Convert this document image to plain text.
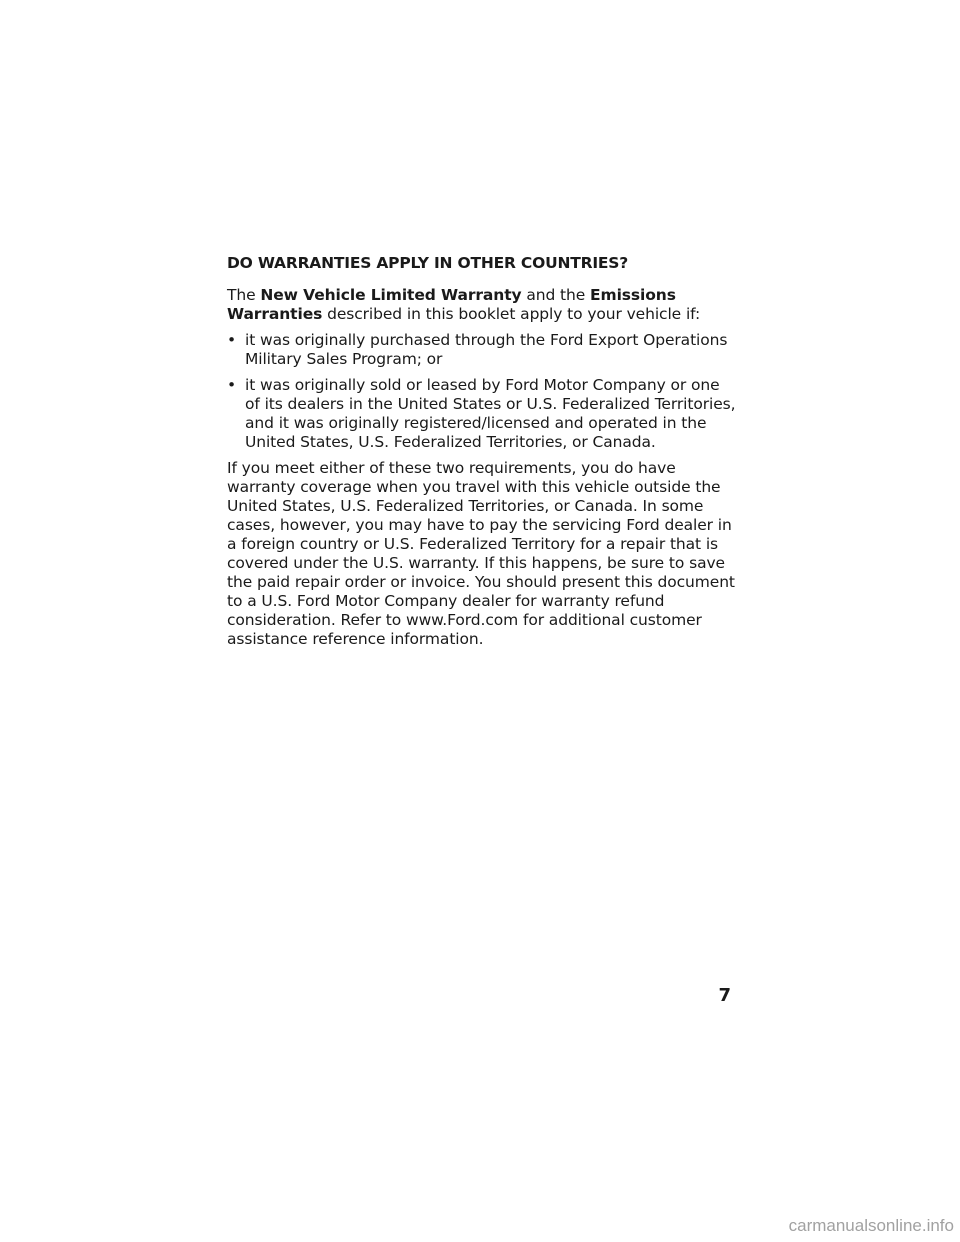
DO WARRANTIES APPLY IN OTHER COUNTRIES?

The New Vehicle Limited Warranty and the Emissions Warranties described in this booklet apply to your vehicle if:

• it was originally purchased through the Ford Export Operations Military Sales Program; or
• it was originally sold or leased by Ford Motor Company or one of its dealers in the United States or U.S. Federalized Territories, and it was originally registered/licensed and operated in the United States, U.S. Federalized Territories, or Canada.

If you meet either of these two requirements, you do have warranty coverage when you travel with this vehicle outside the United States, U.S. Federalized Territories, or Canada. In some cases, however, you may have to pay the servicing Ford dealer in a foreign country or U.S. Federalized Territory for a repair that is covered under the U.S. warranty. If this happens, be sure to save the paid repair order or invoice. You should present this document to a U.S. Ford Motor Company dealer for warranty refund consideration. Refer to www.Ford.com for additional customer assistance reference information.

7
carmanualsonline.info
